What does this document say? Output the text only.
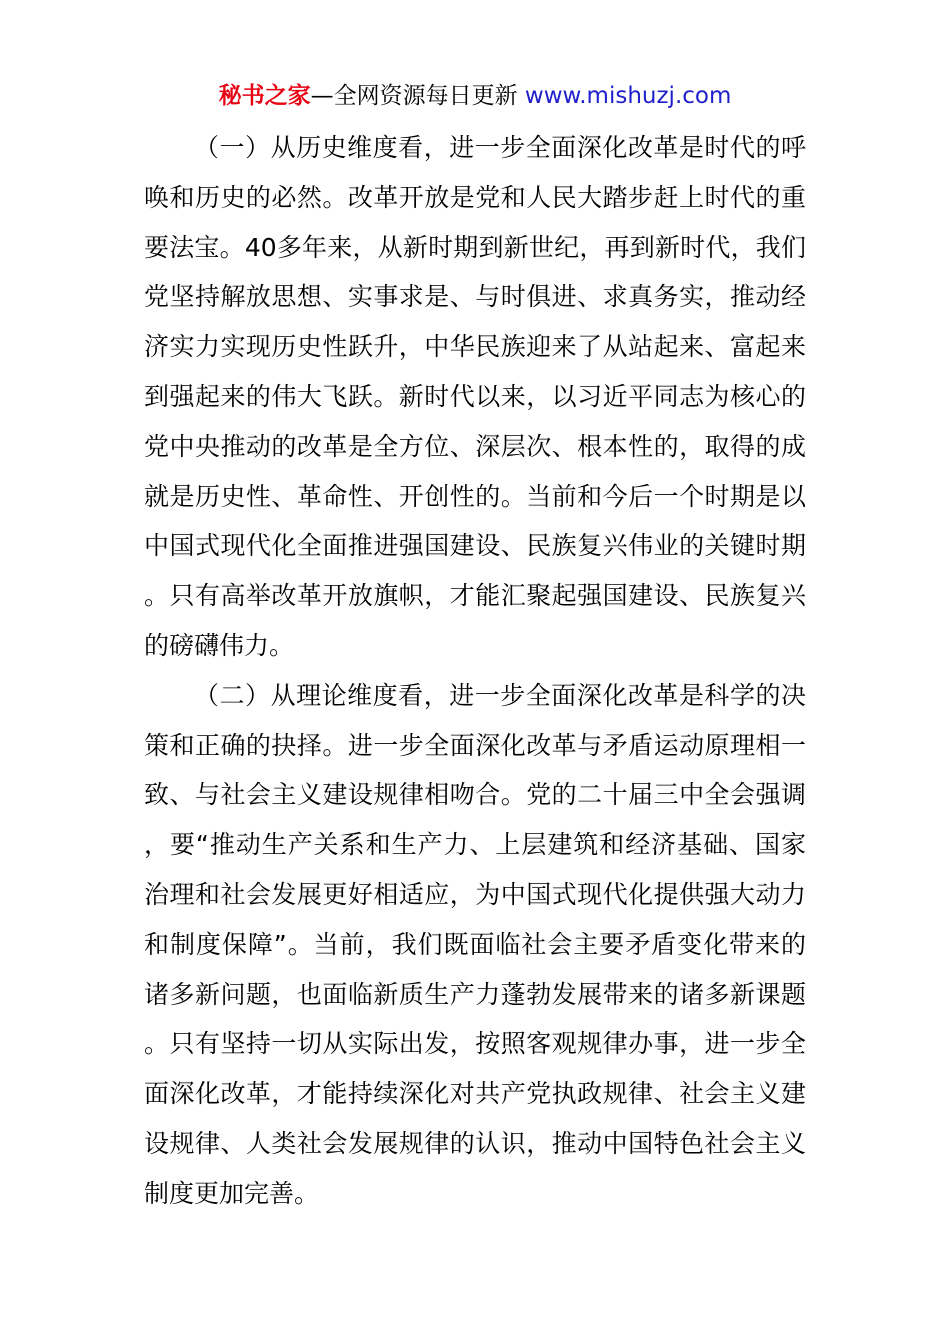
秘书之家—全网资源每日更新 www.mishuzj.com

（一）从历史维度看，进一步全面深化改革是时代的呼唤和历史的必然。改革开放是党和人民大踏步赶上时代的重要法宝。40多年来，从新时期到新世纪，再到新时代，我们党坚持解放思想、实事求是、与时俱进、求真务实，推动经济实力实现历史性跃升，中华民族迎来了从站起来、富起来到强起来的伟大飞跃。新时代以来，以习近平同志为核心的党中央推动的改革是全方位、深层次、根本性的，取得的成就是历史性、革命性、开创性的。当前和今后一个时期是以中国式现代化全面推进强国建设、民族复兴伟业的关键时期。只有高举改革开放旗帜，才能汇聚起强国建设、民族复兴的磅礴伟力。

（二）从理论维度看，进一步全面深化改革是科学的决策和正确的抉择。进一步全面深化改革与矛盾运动原理相一致、与社会主义建设规律相吻合。党的二十届三中全会强调，要“推动生产关系和生产力、上层建筑和经济基础、国家治理和社会发展更好相适应，为中国式现代化提供强大动力和制度保障”。当前，我们既面临社会主要矛盾变化带来的诸多新问题，也面临新质生产力蓬勃发展带来的诸多新课题。只有坚持一切从实际出发，按照客观规律办事，进一步全面深化改革，才能持续深化对共产党执政规律、社会主义建设规律、人类社会发展规律的认识，推动中国特色社会主义制度更加完善。
